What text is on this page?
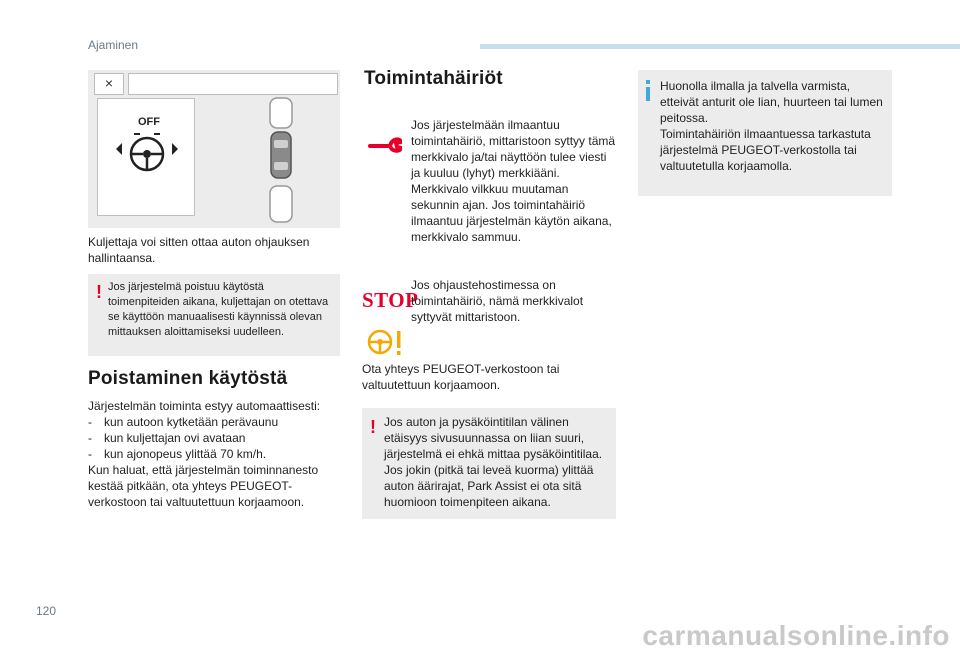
Ajaminen
×
OFF
Kuljettaja voi sitten ottaa auton ohjauksen hallintaansa.
! Jos järjestelmä poistuu käytöstä toimenpiteiden aikana, kuljettajan on otettava se käyttöön manuaalisesti käynnissä olevan mittauksen aloittamiseksi uudelleen.
Poistaminen käytöstä
Järjestelmän toiminta estyy automaattisesti:
-	kun autoon kytketään perävaunu
-	kun kuljettajan ovi avataan
-	kun ajonopeus ylittää 70 km/h.
Kun haluat, että järjestelmän toiminnanesto kestää pitkään, ota yhteys PEUGEOT-verkostoon tai valtuutettuun korjaamoon.
Toimintahäiriöt
Jos järjestelmään ilmaantuu toimintahäiriö, mittaristoon syttyy tämä merkkivalo ja/tai näyttöön tulee viesti ja kuuluu (lyhyt) merkkiääni. Merkkivalo vilkkuu muutaman sekunnin ajan. Jos toimintahäiriö ilmaantuu järjestelmän käytön aikana, merkkivalo sammuu.
STOP
Jos ohjaustehostimessa on toimintahäiriö, nämä merkkivalot syttyvät mittaristoon.
Ota yhteys PEUGEOT-verkostoon tai valtuutettuun korjaamoon.
! Jos auton ja pysäköintitilan välinen etäisyys sivusuunnassa on liian suuri, järjestelmä ei ehkä mittaa pysäköintitilaa. Jos jokin (pitkä tai leveä kuorma) ylittää auton äärirajat, Park Assist ei ota sitä huomioon toimenpiteen aikana.
Huonolla ilmalla ja talvella varmista, etteivät anturit ole lian, huurteen tai lumen peitossa.
Toimintahäiriön ilmaantuessa tarkastuta järjestelmä PEUGEOT-verkostolla tai valtuutetulla korjaamolla.
120
carmanualsonline.info
